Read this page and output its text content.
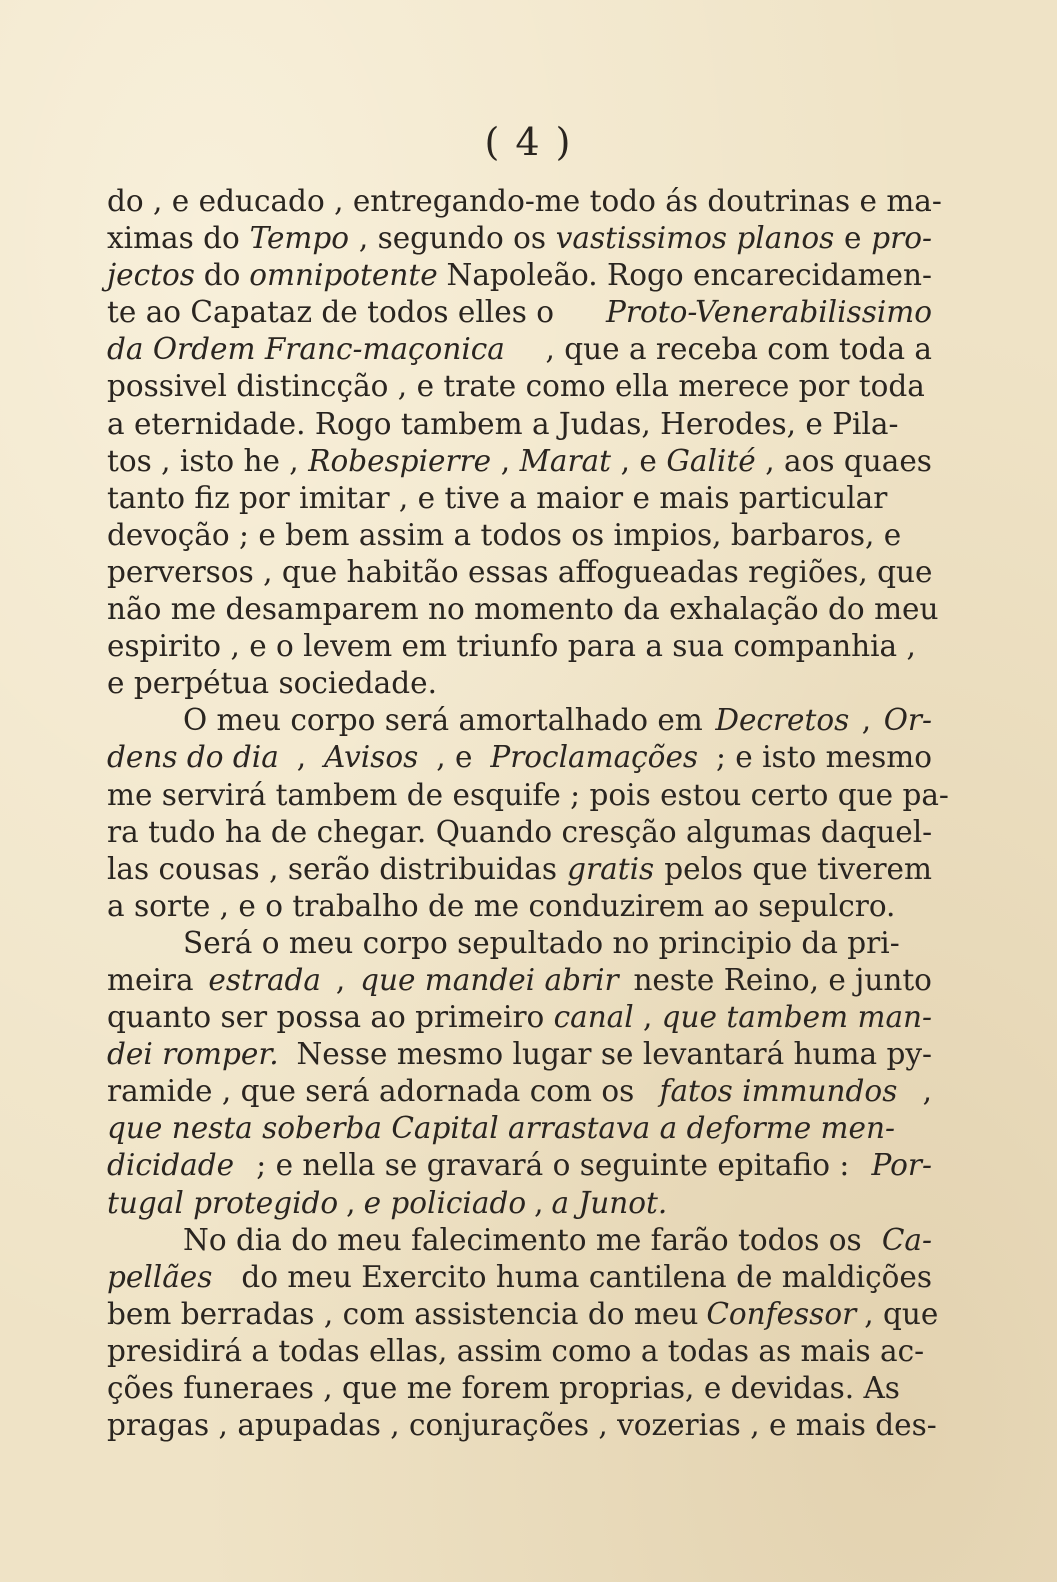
( 4 )
do , e educado , entregando-me todo ás doutrinas e ma-
ximas do Tempo , segundo os vastissimos planos e pro-
jectos do omnipotente Napoleão. Rogo encarecidamen-
te ao Capataz de todos elles o Proto-Venerabilissimo
da Ordem Franc-maçonica , que a receba com toda a
possivel distincção , e trate como ella merece por toda
a eternidade. Rogo tambem a Judas, Herodes, e Pila-
tos , isto he , Robespierre , Marat , e Galité , aos quaes
tanto fiz por imitar , e tive a maior e mais particular
devoção ; e bem assim a todos os impios, barbaros, e
perversos , que habitão essas affogueadas regiões, que
não me desamparem no momento da exhalação do meu
espirito , e o levem em triunfo para a sua companhia ,
e perpétua sociedade.
O meu corpo será amortalhado em Decretos , Or-
dens do dia , Avisos , e Proclamações ; e isto mesmo
me servirá tambem de esquife ; pois estou certo que pa-
ra tudo ha de chegar. Quando cresção algumas daquel-
las cousas , serão distribuidas gratis pelos que tiverem
a sorte , e o trabalho de me conduzirem ao sepulcro.
Será o meu corpo sepultado no principio da pri-
meira estrada , que mandei abrir neste Reino, e junto
quanto ser possa ao primeiro canal , que tambem man-
dei romper. Nesse mesmo lugar se levantará huma py-
ramide , que será adornada com os fatos immundos ,
que nesta soberba Capital arrastava a deforme men-
dicidade ; e nella se gravará o seguinte epitafio : Por-
tugal protegido , e policiado , a Junot.
No dia do meu falecimento me farão todos os Ca-
pellães do meu Exercito huma cantilena de maldições
bem berradas , com assistencia do meu Confessor , que
presidirá a todas ellas, assim como a todas as mais ac-
ções funeraes , que me forem proprias, e devidas. As
pragas , apupadas , conjurações , vozerias , e mais des-
